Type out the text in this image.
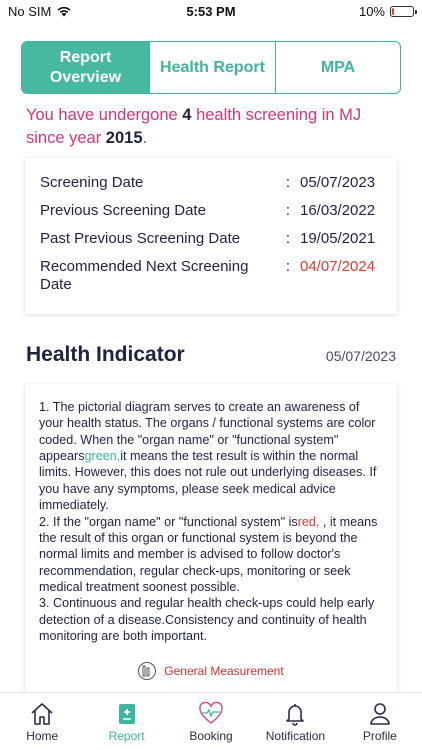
No SIM	5:53 PM	10%
Report Overview
Health Report	MPA
You have undergone 4 health screening in MJ since year 2015.
Screening Date	: 05/07/2023
Previous Screening Date	: 16/03/2022
Past Previous Screening Date	: 19/05/2021
Recommended Next Screening Date
: 04/07/2024
Health Indicator	05/07/2023

1. The pictorial diagram serves to create an awareness of your health status. The organs / functional systems are color coded. When the "organ name" or "functional system" appearsgreen,it means the test result is within the normal limits. However, this does not rule out underlying diseases. If you have any symptoms, please seek medical advice immediately.

2. If the "organ name" or "functional system" isred, , it means the result of this organ or functional system is beyond the normal limits and member is advised to follow doctor's recommendation, regular check-ups, monitoring or seek medical treatment soonest possible.

3. Continuous and regular health check-ups could help early detection of a disease.Consistency and continuity of health monitoring are both important.

General Measurement
Home	Report	Booking	Notification	Profile
